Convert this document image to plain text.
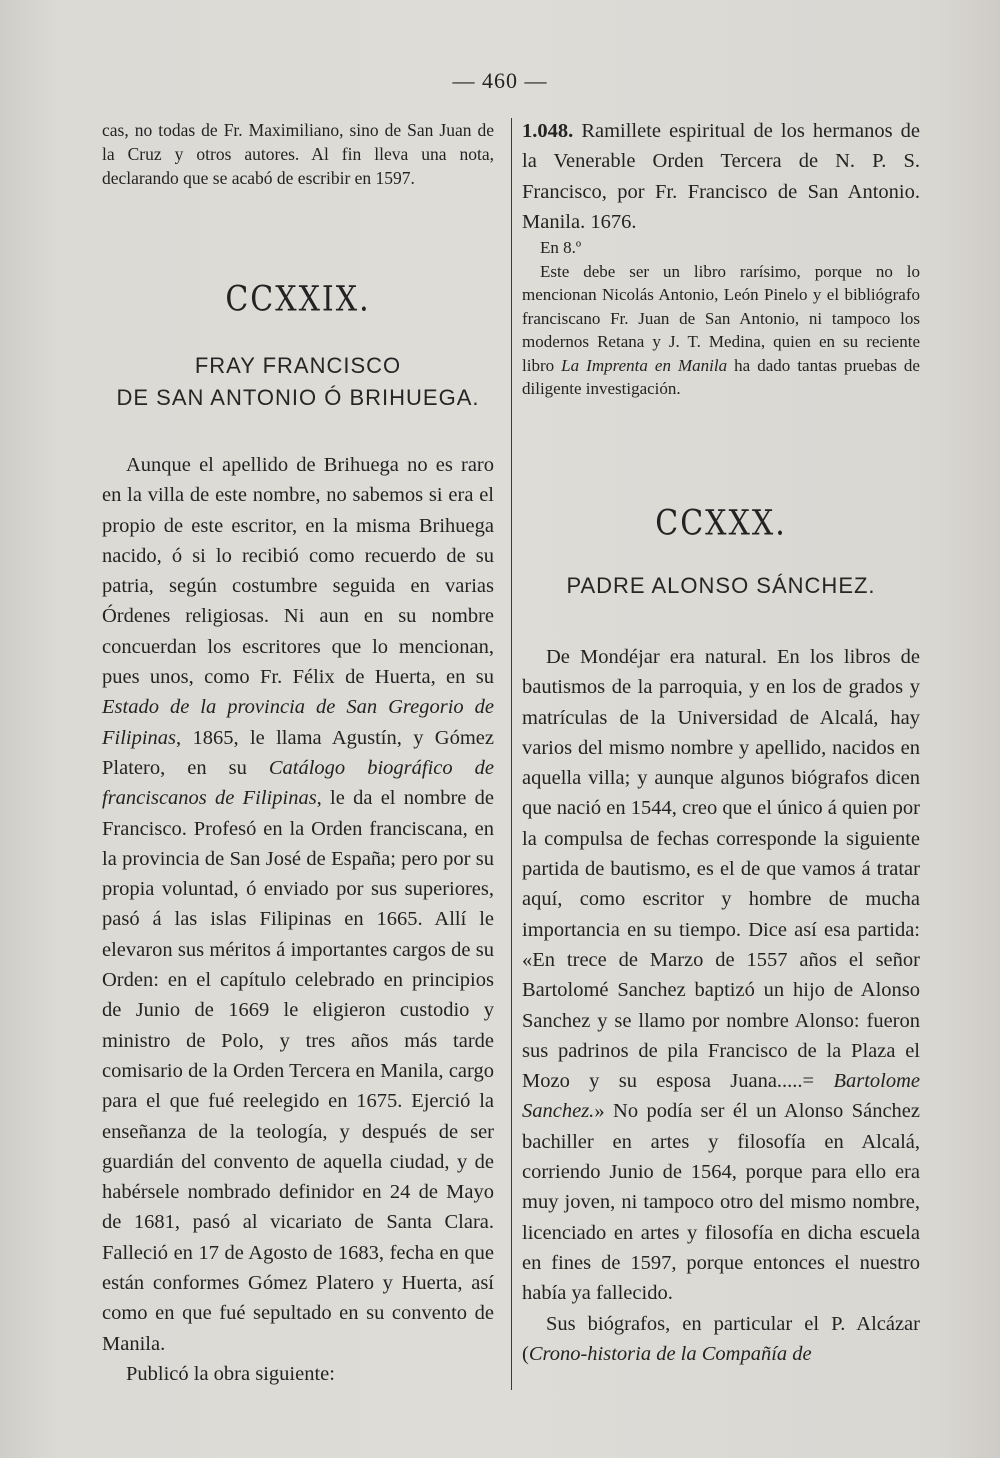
— 460 —

cas, no todas de Fr. Maximiliano, sino de San Juan de la Cruz y otros autores. Al fin lleva una nota, declarando que se acabó de escribir en 1597.

CCXXIX.
FRAY FRANCISCO
DE SAN ANTONIO Ó BRIHUEGA.

Aunque el apellido de Brihuega no es raro en la villa de este nombre, no sabemos si era el propio de este escritor, en la misma Brihuega nacido, ó si lo recibió como recuerdo de su patria, según costumbre seguida en varias Órdenes religiosas. Ni aun en su nombre concuerdan los escritores que lo mencionan, pues unos, como Fr. Félix de Huerta, en su Estado de la provincia de San Gregorio de Filipinas, 1865, le llama Agustín, y Gómez Platero, en su Catálogo biográfico de franciscanos de Filipinas, le da el nombre de Francisco. Profesó en la Orden franciscana, en la provincia de San José de España; pero por su propia voluntad, ó enviado por sus superiores, pasó á las islas Filipinas en 1665. Allí le elevaron sus méritos á importantes cargos de su Orden: en el capítulo celebrado en principios de Junio de 1669 le eligieron custodio y ministro de Polo, y tres años más tarde comisario de la Orden Tercera en Manila, cargo para el que fué reelegido en 1675. Ejerció la enseñanza de la teología, y después de ser guardián del convento de aquella ciudad, y de habérsele nombrado definidor en 24 de Mayo de 1681, pasó al vicariato de Santa Clara. Falleció en 17 de Agosto de 1683, fecha en que están conformes Gómez Platero y Huerta, así como en que fué sepultado en su convento de Manila.

Publicó la obra siguiente:

1.048. Ramillete espiritual de los hermanos de la Venerable Orden Tercera de N. P. S. Francisco, por Fr. Francisco de San Antonio. Manila. 1676.

En 8.º

Este debe ser un libro rarísimo, porque no lo mencionan Nicolás Antonio, León Pinelo y el bibliógrafo franciscano Fr. Juan de San Antonio, ni tampoco los modernos Retana y J. T. Medina, quien en su reciente libro La Imprenta en Manila ha dado tantas pruebas de diligente investigación.

CCXXX.
PADRE ALONSO SÁNCHEZ.

De Mondéjar era natural. En los libros de bautismos de la parroquia, y en los de grados y matrículas de la Universidad de Alcalá, hay varios del mismo nombre y apellido, nacidos en aquella villa; y aunque algunos biógrafos dicen que nació en 1544, creo que el único á quien por la compulsa de fechas corresponde la siguiente partida de bautismo, es el de que vamos á tratar aquí, como escritor y hombre de mucha importancia en su tiempo. Dice así esa partida: «En trece de Marzo de 1557 años el señor Bartolomé Sanchez baptizó un hijo de Alonso Sanchez y se llamo por nombre Alonso: fueron sus padrinos de pila Francisco de la Plaza el Mozo y su esposa Juana.....= Bartolome Sanchez.» No podía ser él un Alonso Sánchez bachiller en artes y filosofía en Alcalá, corriendo Junio de 1564, porque para ello era muy joven, ni tampoco otro del mismo nombre, licenciado en artes y filosofía en dicha escuela en fines de 1597, porque entonces el nuestro había ya fallecido.

Sus biógrafos, en particular el P. Alcázar (Crono-historia de la Compañía de
